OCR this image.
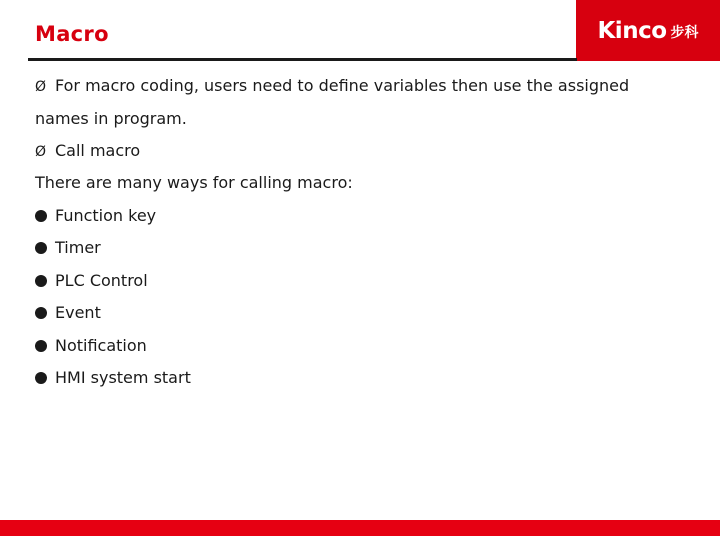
Macro	Kinco 步科
Ø For macro coding, users need to define variables then use the assigned
names in program.
Ø Call macro
There are many ways for calling macro:
Function key
Timer
PLC Control
Event
Notification
HMI system start
